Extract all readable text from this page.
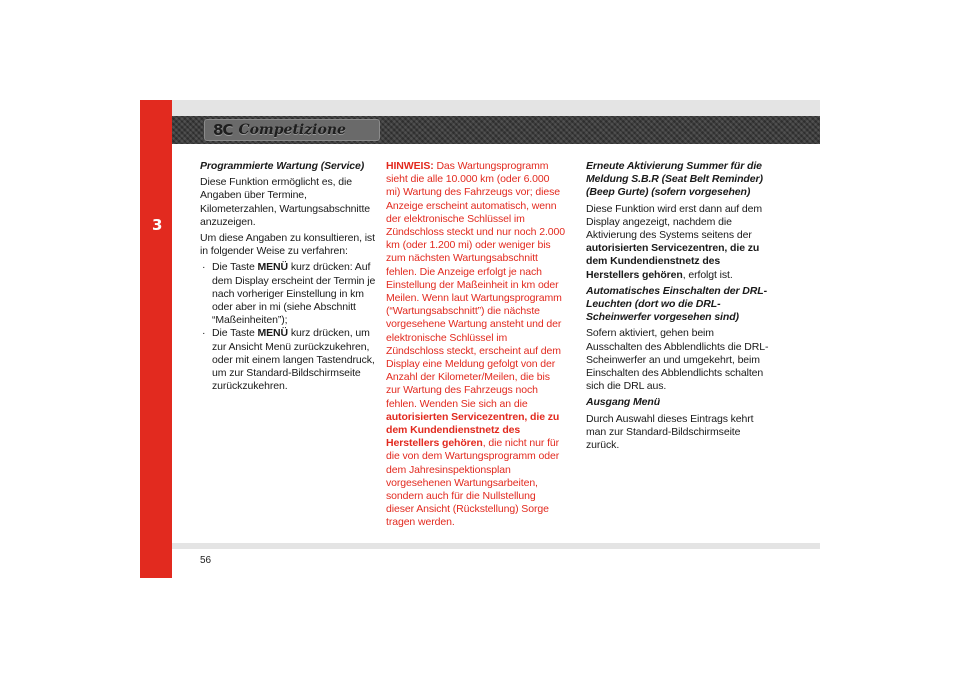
3
8C Competizione

Programmierte Wartung (Service)

Diese Funktion ermöglicht es, die Angaben über Termine, Kilometerzahlen, Wartungsabschnitte anzuzeigen.

Um diese Angaben zu konsultieren, ist in folgender Weise zu verfahren:

· Die Taste MENÜ kurz drücken: Auf dem Display erscheint der Termin je nach vorheriger Einstellung in km oder aber in mi (siehe Abschnitt “Maßeinheiten”);
· Die Taste MENÜ kurz drücken, um zur Ansicht Menü zurückzukehren, oder mit einem langen Tastendruck, um zur Standard-Bildschirmseite zurückzukehren.

HINWEIS: Das Wartungsprogramm sieht die alle 10.000 km (oder 6.000 mi) Wartung des Fahrzeugs vor; diese Anzeige erscheint automatisch, wenn der elektronische Schlüssel im Zündschloss steckt und nur noch 2.000 km (oder 1.200 mi) oder weniger bis zum nächsten Wartungsabschnitt fehlen. Die Anzeige erfolgt je nach Einstellung der Maßeinheit in km oder Meilen. Wenn laut Wartungsprogramm (“Wartungsabschnitt”) die nächste vorgesehene Wartung ansteht und der elektronische Schlüssel im Zündschloss steckt, erscheint auf dem Display eine Meldung gefolgt von der Anzahl der Kilometer/Meilen, die bis zur Wartung des Fahrzeugs noch fehlen. Wenden Sie sich an die autorisierten Servicezentren, die zu dem Kundendienstnetz des Herstellers gehören, die nicht nur für die von dem Wartungsprogramm oder dem Jahresinspektionsplan vorgesehenen Wartungsarbeiten, sondern auch für die Nullstellung dieser Ansicht (Rückstellung) Sorge tragen werden.

Erneute Aktivierung Summer für die Meldung S.B.R (Seat Belt Reminder) (Beep Gurte) (sofern vorgesehen)

Diese Funktion wird erst dann auf dem Display angezeigt, nachdem die Aktivierung des Systems seitens der autorisierten Servicezentren, die zu dem Kundendienstnetz des Herstellers gehören, erfolgt ist.

Automatisches Einschalten der DRL-Leuchten (dort wo die DRL-Scheinwerfer vorgesehen sind)

Sofern aktiviert, gehen beim Ausschalten des Abblendlichts die DRL-Scheinwerfer an und umgekehrt, beim Einschalten des Abblendlichts schalten sich die DRL aus.

Ausgang Menü

Durch Auswahl dieses Eintrags kehrt man zur Standard-Bildschirmseite zurück.

56
